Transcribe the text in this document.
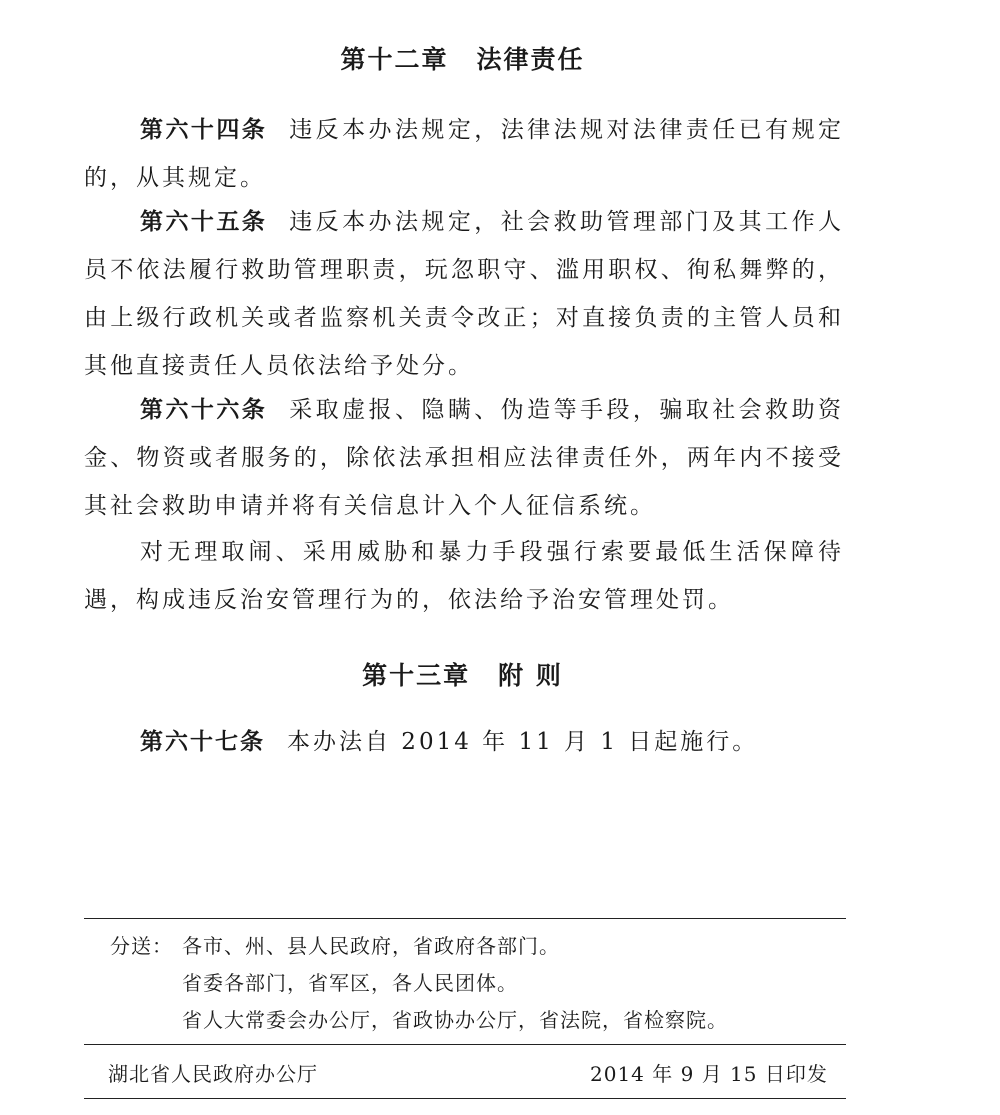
第十二章 法律责任
第六十四条 违反本办法规定，法律法规对法律责任已有规定的，从其规定。
第六十五条 违反本办法规定，社会救助管理部门及其工作人员不依法履行救助管理职责，玩忽职守、滥用职权、徇私舞弊的，由上级行政机关或者监察机关责令改正；对直接负责的主管人员和其他直接责任人员依法给予处分。
第六十六条 采取虚报、隐瞒、伪造等手段，骗取社会救助资金、物资或者服务的，除依法承担相应法律责任外，两年内不接受其社会救助申请并将有关信息计入个人征信系统。
对无理取闹、采用威胁和暴力手段强行索要最低生活保障待遇，构成违反治安管理行为的，依法给予治安管理处罚。
第十三章 附 则
第六十七条 本办法自 2014 年 11 月 1 日起施行。
分送： 各市、州、县人民政府，省政府各部门。
省委各部门，省军区，各人民团体。
省人大常委会办公厅，省政协办公厅，省法院，省检察院。
湖北省人民政府办公厅	2014 年 9 月 15 日印发
